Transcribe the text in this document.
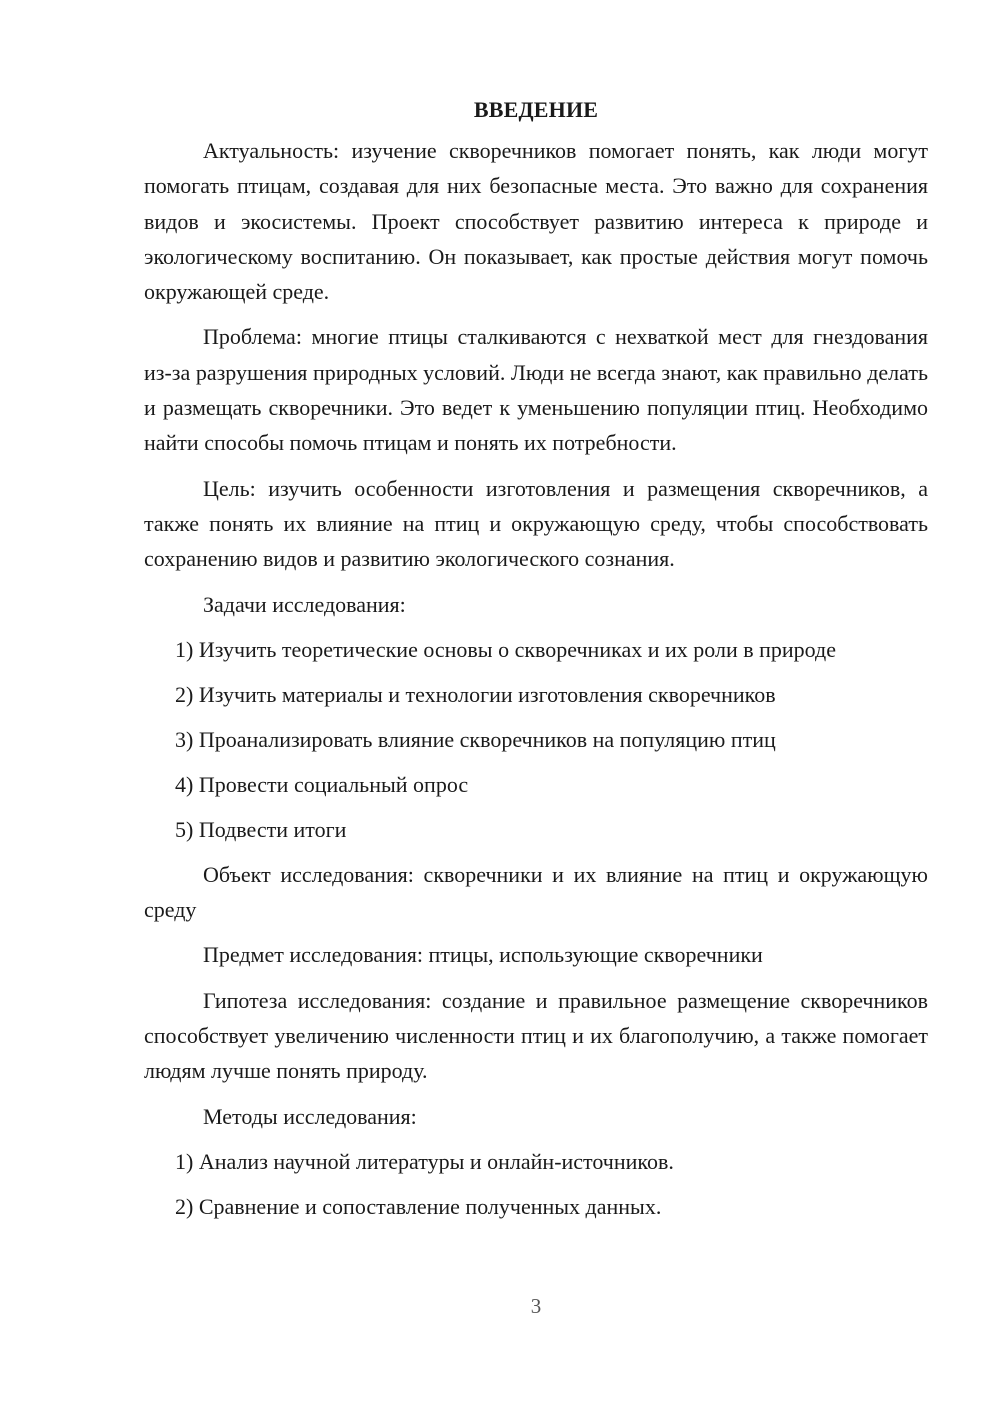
ВВЕДЕНИЕ

Актуальность: изучение скворечников помогает понять, как люди могут помогать птицам, создавая для них безопасные места. Это важно для сохранения видов и экосистемы. Проект способствует развитию интереса к природе и экологическому воспитанию. Он показывает, как простые действия могут помочь окружающей среде.

Проблема: многие птицы сталкиваются с нехваткой мест для гнездования из-за разрушения природных условий. Люди не всегда знают, как правильно делать и размещать скворечники. Это ведет к уменьшению популяции птиц. Необходимо найти способы помочь птицам и понять их потребности.

Цель: изучить особенности изготовления и размещения скворечников, а также понять их влияние на птиц и окружающую среду, чтобы способствовать сохранению видов и развитию экологического сознания.

Задачи исследования:

1) Изучить теоретические основы о скворечниках и их роли в природе

2) Изучить материалы и технологии изготовления скворечников

3) Проанализировать влияние скворечников на популяцию птиц

4) Провести социальный опрос

5) Подвести итоги

Объект исследования: скворечники и их влияние на птиц и окружающую среду

Предмет исследования: птицы, использующие скворечники

Гипотеза исследования: создание и правильное размещение скворечников способствует увеличению численности птиц и их благополучию, а также помогает людям лучше понять природу.

Методы исследования:

1) Анализ научной литературы и онлайн-источников.

2) Сравнение и сопоставление полученных данных.

3
